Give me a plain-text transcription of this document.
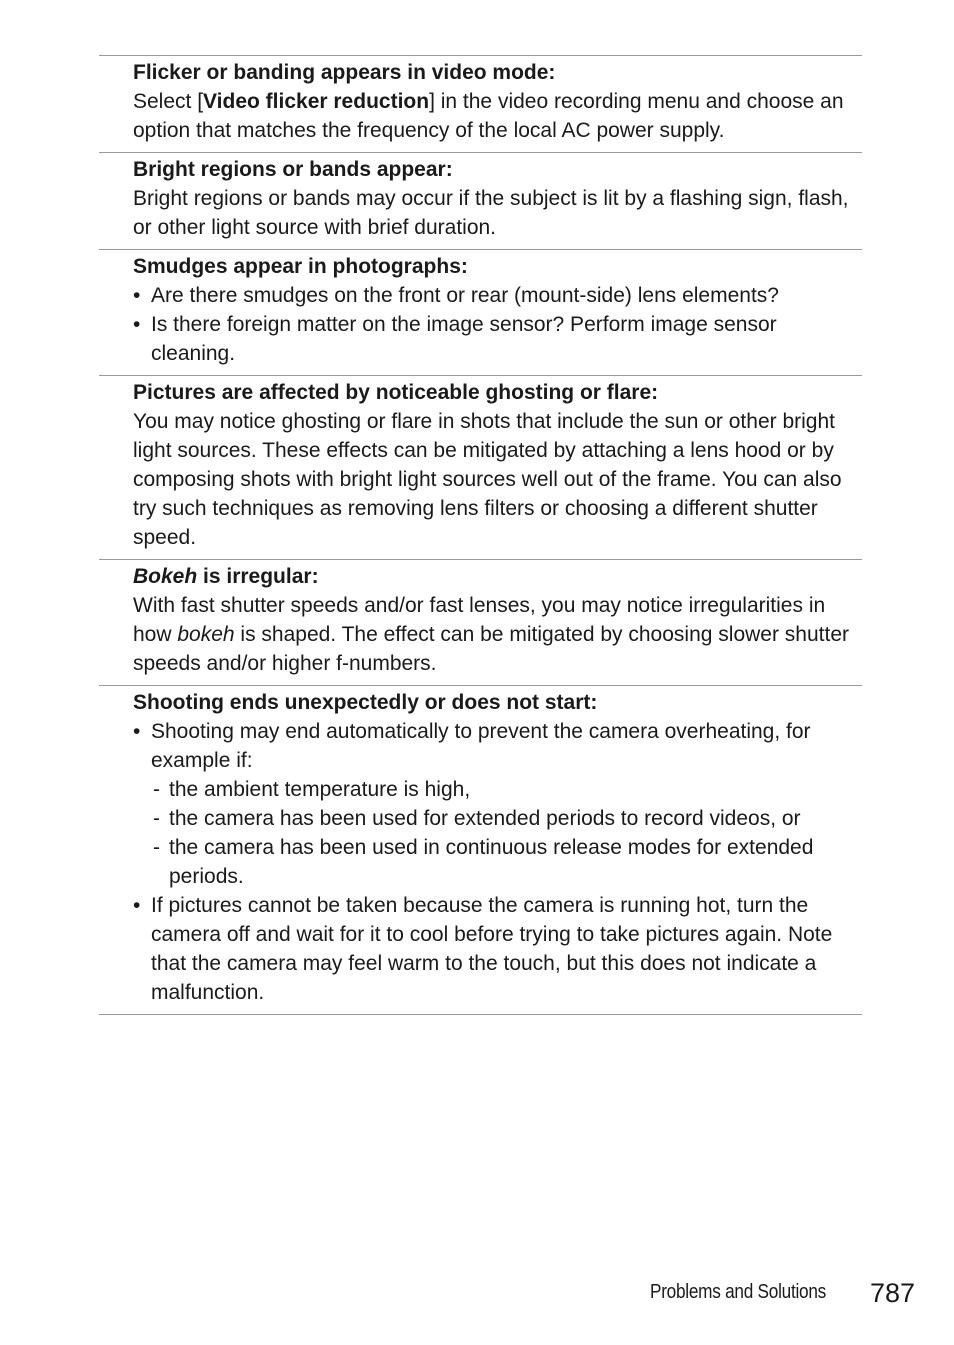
Flicker or banding appears in video mode:
Select [Video flicker reduction] in the video recording menu and choose an option that matches the frequency of the local AC power supply.
Bright regions or bands appear:
Bright regions or bands may occur if the subject is lit by a flashing sign, flash, or other light source with brief duration.
Smudges appear in photographs:
• Are there smudges on the front or rear (mount-side) lens elements?
• Is there foreign matter on the image sensor? Perform image sensor cleaning.
Pictures are affected by noticeable ghosting or flare:
You may notice ghosting or flare in shots that include the sun or other bright light sources. These effects can be mitigated by attaching a lens hood or by composing shots with bright light sources well out of the frame. You can also try such techniques as removing lens filters or choosing a different shutter speed.
Bokeh is irregular:
With fast shutter speeds and/or fast lenses, you may notice irregularities in how bokeh is shaped. The effect can be mitigated by choosing slower shutter speeds and/or higher f-numbers.
Shooting ends unexpectedly or does not start:
• Shooting may end automatically to prevent the camera overheating, for example if:
- the ambient temperature is high,
- the camera has been used for extended periods to record videos, or
- the camera has been used in continuous release modes for extended periods.
• If pictures cannot be taken because the camera is running hot, turn the camera off and wait for it to cool before trying to take pictures again. Note that the camera may feel warm to the touch, but this does not indicate a malfunction.
Problems and Solutions 787
